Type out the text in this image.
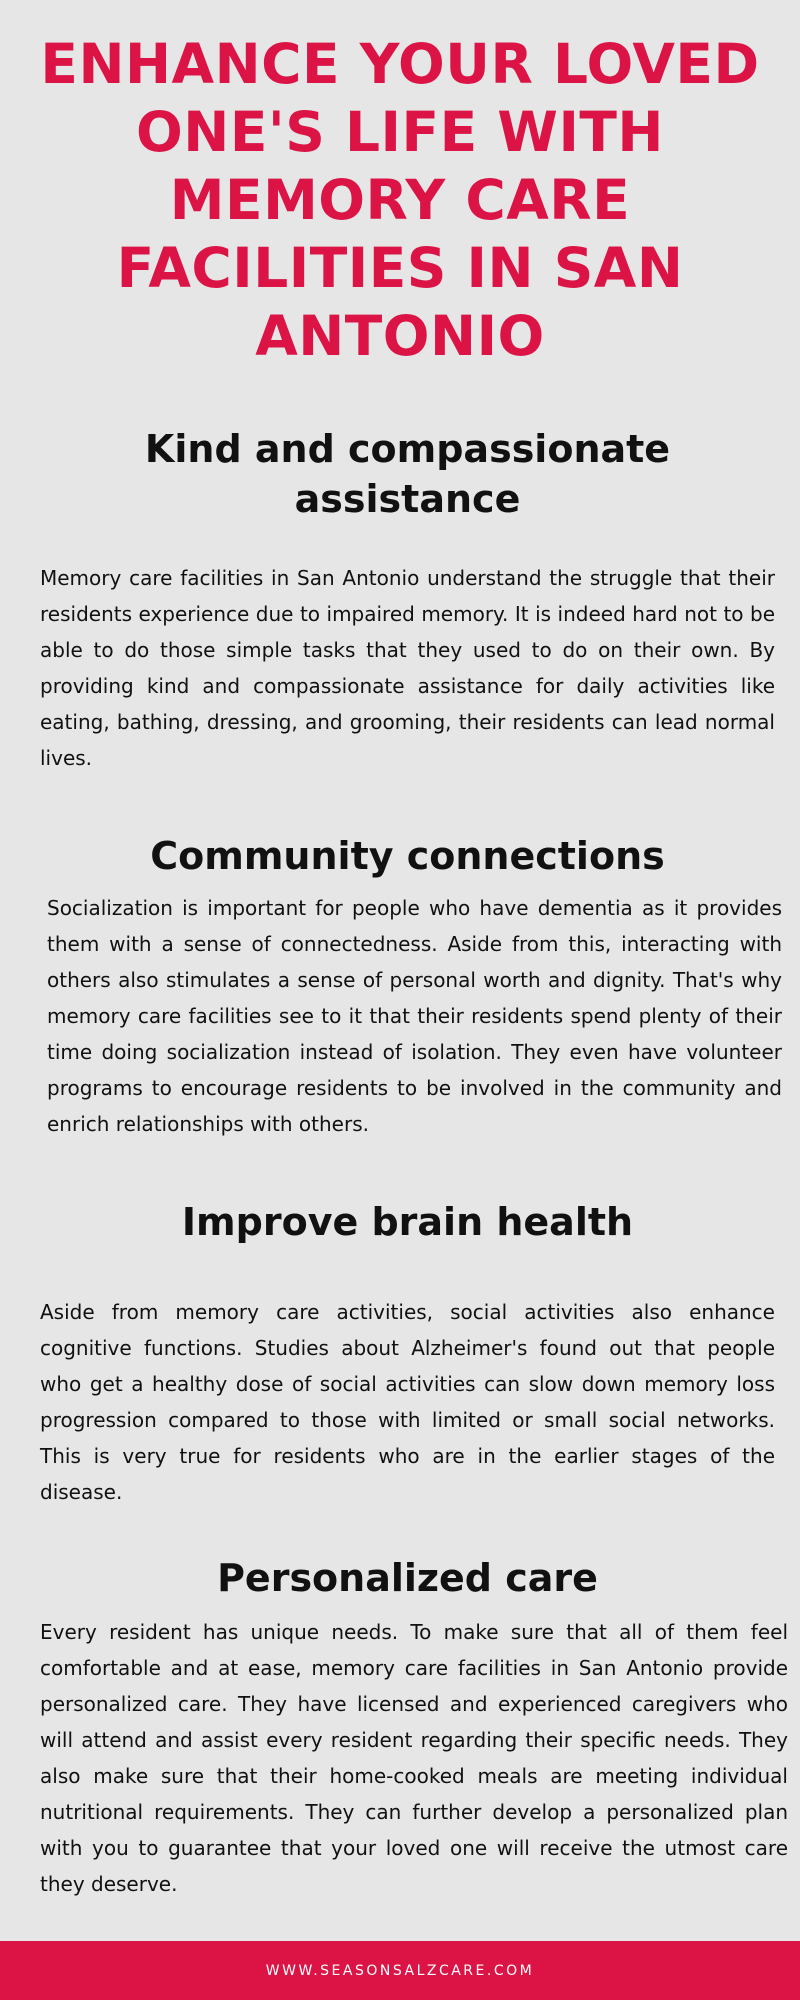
ENHANCE YOUR LOVED ONE'S LIFE WITH MEMORY CARE FACILITIES IN SAN ANTONIO
Kind and compassionate assistance

Memory care facilities in San Antonio understand the struggle that their residents experience due to impaired memory. It is indeed hard not to be able to do those simple tasks that they used to do on their own. By providing kind and compassionate assistance for daily activities like eating, bathing, dressing, and grooming, their residents can lead normal lives.

Community connections

Socialization is important for people who have dementia as it provides them with a sense of connectedness. Aside from this, interacting with others also stimulates a sense of personal worth and dignity. That's why memory care facilities see to it that their residents spend plenty of their time doing socialization instead of isolation. They even have volunteer programs to encourage residents to be involved in the community and enrich relationships with others.

Improve brain health

Aside from memory care activities, social activities also enhance cognitive functions. Studies about Alzheimer's found out that people who get a healthy dose of social activities can slow down memory loss progression compared to those with limited or small social networks. This is very true for residents who are in the earlier stages of the disease.

Personalized care

Every resident has unique needs. To make sure that all of them feel comfortable and at ease, memory care facilities in San Antonio provide personalized care. They have licensed and experienced caregivers who will attend and assist every resident regarding their specific needs. They also make sure that their home-cooked meals are meeting individual nutritional requirements. They can further develop a personalized plan with you to guarantee that your loved one will receive the utmost care they deserve.

WWW.SEASONSALZCARE.COM
